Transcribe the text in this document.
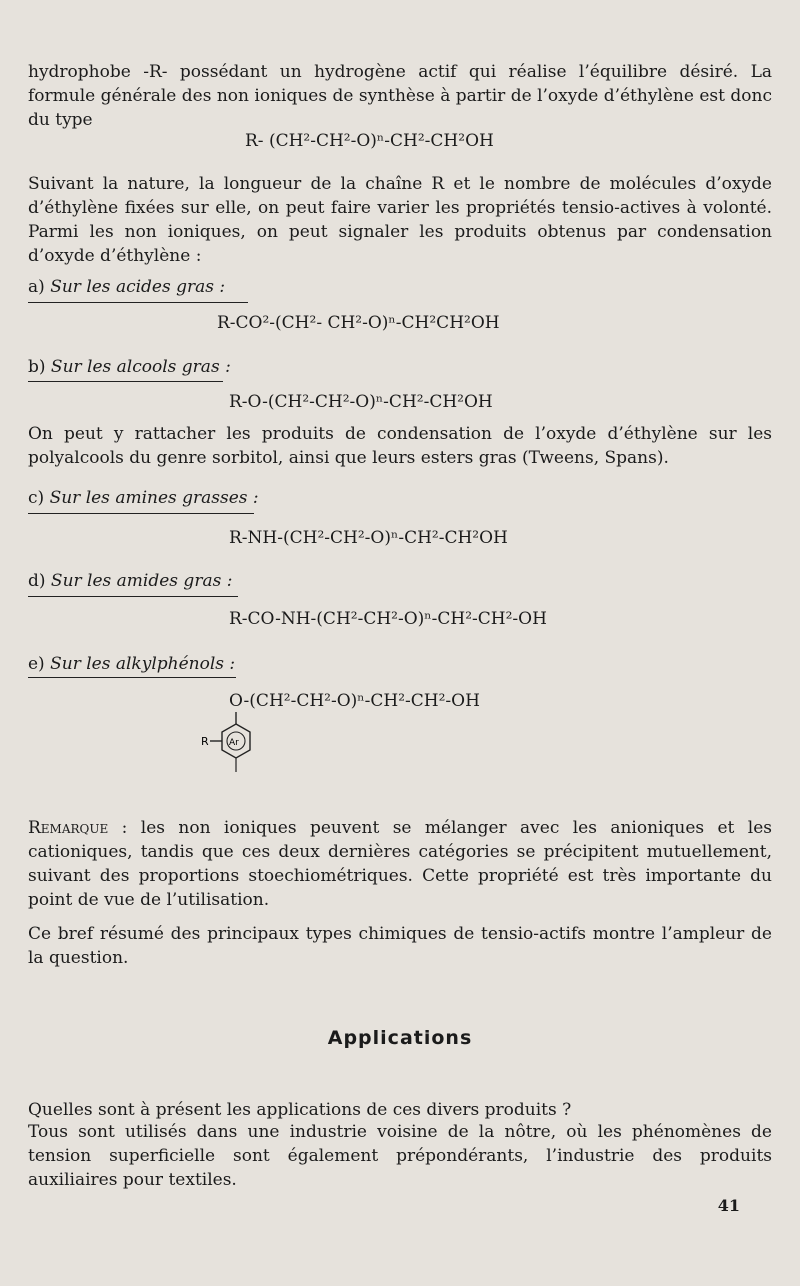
hydrophobe -R- possédant un hydrogène actif qui réalise l’équilibre désiré. La formule générale des non ioniques de synthèse à partir de l’oxyde d’éthylène est donc du type

R- (CH²-CH²-O)ⁿ-CH²-CH²OH

Suivant la nature, la longueur de la chaîne R et le nombre de molécules d’oxyde d’éthylène fixées sur elle, on peut faire varier les propriétés tensio-actives à volonté. Parmi les non ioniques, on peut signaler les produits obtenus par condensation d’oxyde d’éthylène :

a) Sur les acides gras :
R-CO²-(CH²- CH²-O)ⁿ-CH²CH²OH
b) Sur les alcools gras :
R-O-(CH²-CH²-O)ⁿ-CH²-CH²OH

On peut y rattacher les produits de condensation de l’oxyde d’éthylène sur les polyalcools du genre sorbitol, ainsi que leurs esters gras (Tweens, Spans).

c) Sur les amines grasses :
R-NH-(CH²-CH²-O)ⁿ-CH²-CH²OH
d) Sur les amides gras :
R-CO-NH-(CH²-CH²-O)ⁿ-CH²-CH²-OH
e) Sur les alkylphénols :
O-(CH²-CH²-O)ⁿ-CH²-CH²-OH
R Ar

Remarque : les non ioniques peuvent se mélanger avec les anioniques et les cationiques, tandis que ces deux dernières catégories se précipitent mutuellement, suivant des proportions stoechiométriques. Cette propriété est très importante du point de vue de l’utilisation.

Ce bref résumé des principaux types chimiques de tensio-actifs montre l’ampleur de la question.

Applications

Quelles sont à présent les applications de ces divers produits ?

Tous sont utilisés dans une industrie voisine de la nôtre, où les phénomènes de tension superficielle sont également prépondérants, l’industrie des produits auxiliaires pour textiles.

41
